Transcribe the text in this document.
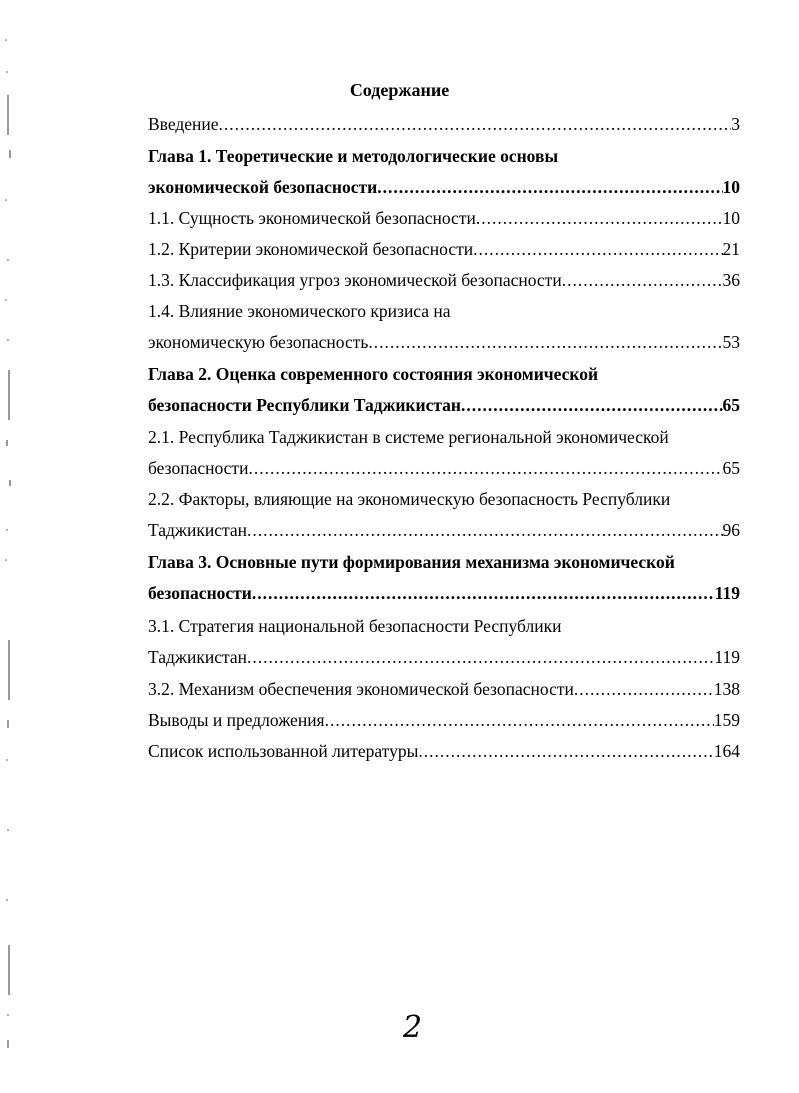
Содержание
Введение .....	3
Глава 1. Теоретические и методологические основы
экономической безопасности .....	10
1.1. Сущность экономической безопасности .....	10
1.2. Критерии экономической безопасности .....	21
1.3. Классификация угроз экономической безопасности .....	36
1.4. Влияние экономического кризиса на
экономическую безопасность .....	53
Глава 2. Оценка современного состояния экономической
безопасности Республики Таджикистан .....	65
2.1. Республика Таджикистан в системе региональной экономической
безопасности .....	65
2.2. Факторы, влияющие на экономическую безопасность Республики
Таджикистан .....	96
Глава 3. Основные пути формирования механизма экономической
безопасности .....	119
3.1. Стратегия национальной безопасности Республики
Таджикистан .....	119
3.2. Механизм обеспечения экономической безопасности .....	138
Выводы и предложения .....	159
Список использованной литературы .....	164
2
